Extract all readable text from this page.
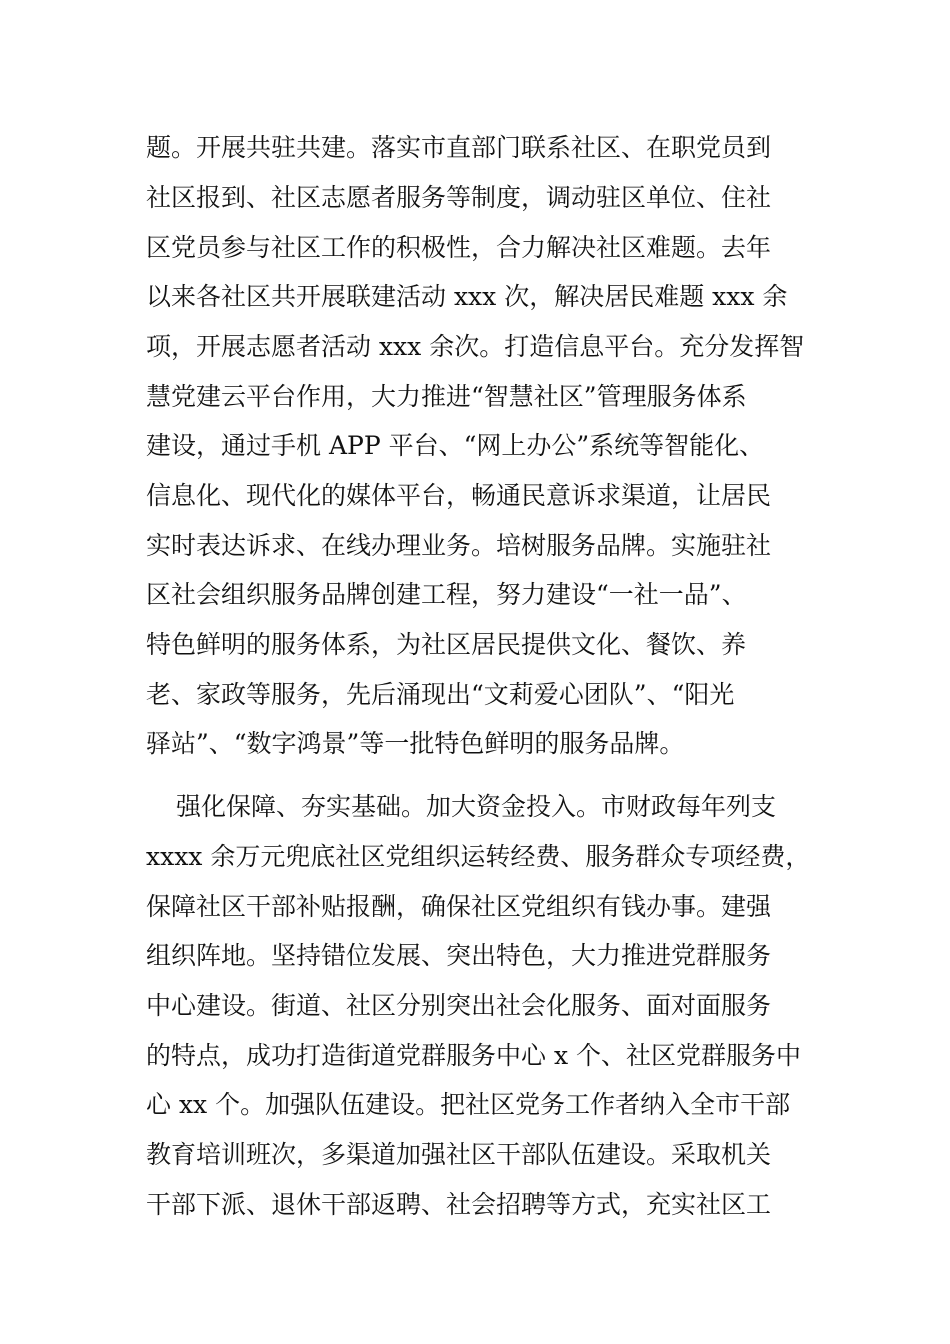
题。开展共驻共建。落实市直部门联系社区、在职党员到
社区报到、社区志愿者服务等制度，调动驻区单位、住社
区党员参与社区工作的积极性，合力解决社区难题。去年
以来各社区共开展联建活动 xxx 次，解决居民难题 xxx 余
项，开展志愿者活动 xxx 余次。打造信息平台。充分发挥智
慧党建云平台作用，大力推进“智慧社区”管理服务体系
建设，通过手机 APP 平台、“网上办公”系统等智能化、
信息化、现代化的媒体平台，畅通民意诉求渠道，让居民
实时表达诉求、在线办理业务。培树服务品牌。实施驻社
区社会组织服务品牌创建工程，努力建设“一社一品”、
特色鲜明的服务体系，为社区居民提供文化、餐饮、养
老、家政等服务，先后涌现出“文莉爱心团队”、“阳光
驿站”、“数字鸿景”等一批特色鲜明的服务品牌。
强化保障、夯实基础。加大资金投入。市财政每年列支
xxxx 余万元兜底社区党组织运转经费、服务群众专项经费，
保障社区干部补贴报酬，确保社区党组织有钱办事。建强
组织阵地。坚持错位发展、突出特色，大力推进党群服务
中心建设。街道、社区分别突出社会化服务、面对面服务
的特点，成功打造街道党群服务中心 x 个、社区党群服务中
心 xx 个。加强队伍建设。把社区党务工作者纳入全市干部
教育培训班次，多渠道加强社区干部队伍建设。采取机关
干部下派、退休干部返聘、社会招聘等方式，充实社区工
